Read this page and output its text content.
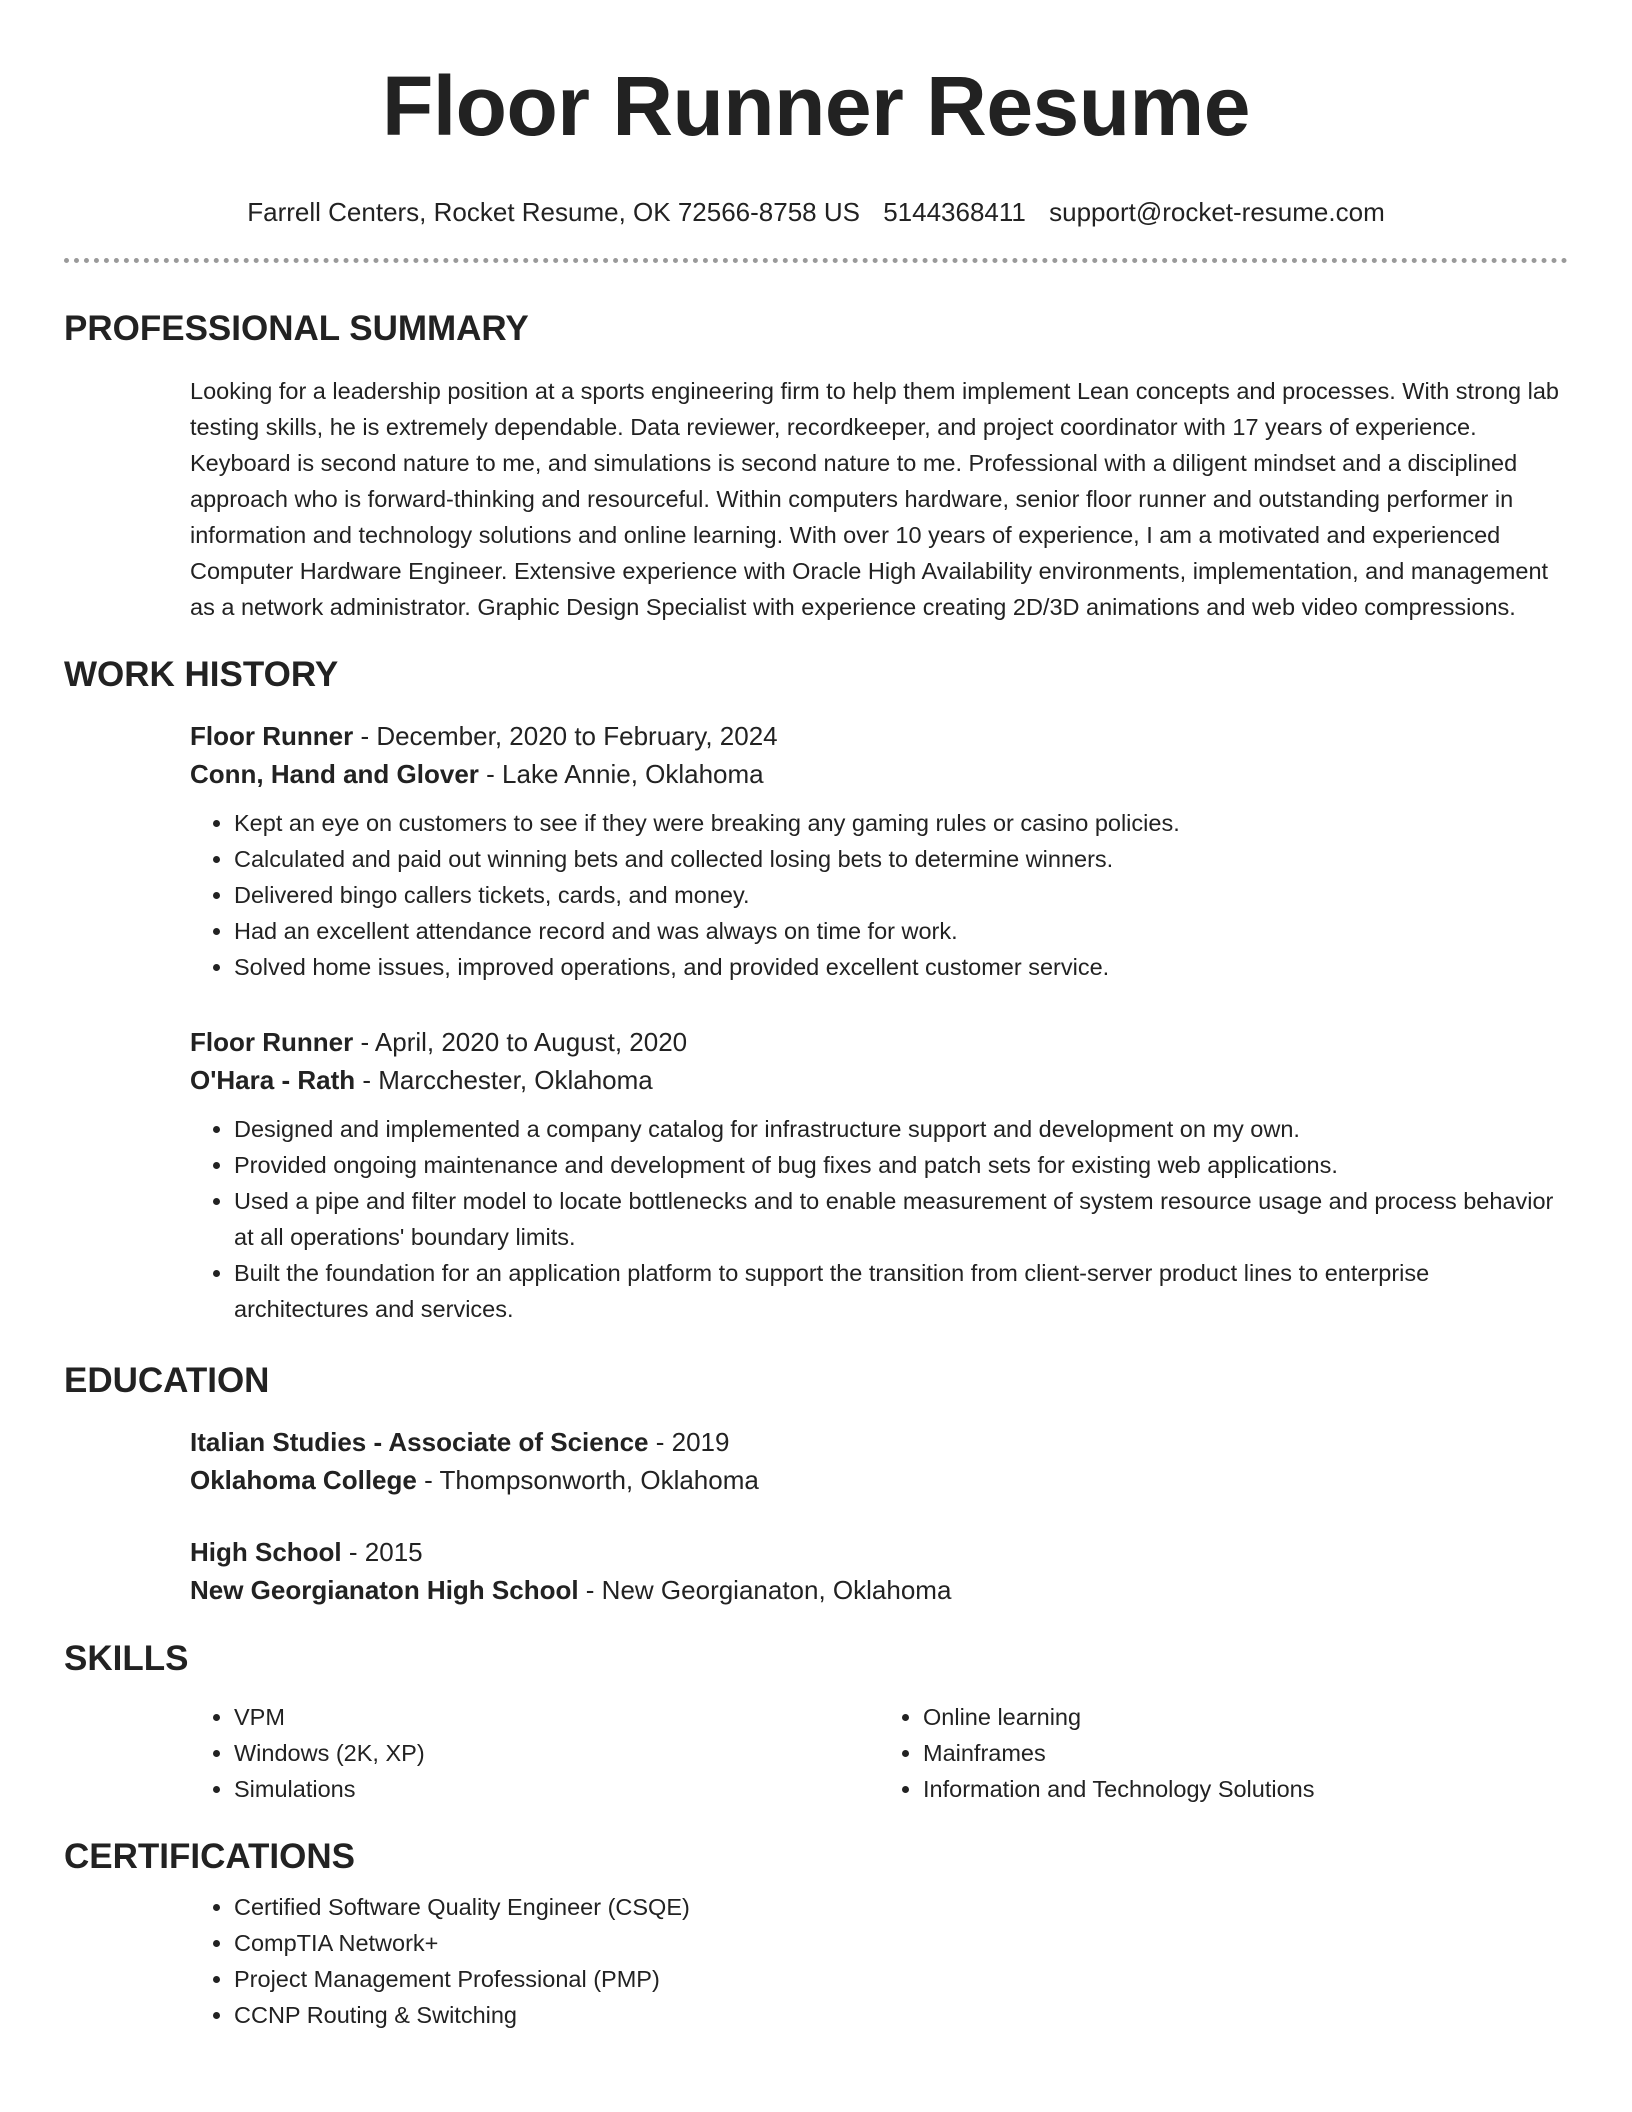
Floor Runner Resume
Farrell Centers, Rocket Resume, OK 72566-8758 US 5144368411 support@rocket-resume.com
PROFESSIONAL SUMMARY

Looking for a leadership position at a sports engineering firm to help them implement Lean concepts and processes. With strong lab testing skills, he is extremely dependable. Data reviewer, recordkeeper, and project coordinator with 17 years of experience. Keyboard is second nature to me, and simulations is second nature to me. Professional with a diligent mindset and a disciplined approach who is forward-thinking and resourceful. Within computers hardware, senior floor runner and outstanding performer in information and technology solutions and online learning. With over 10 years of experience, I am a motivated and experienced Computer Hardware Engineer. Extensive experience with Oracle High Availability environments, implementation, and management as a network administrator. Graphic Design Specialist with experience creating 2D/3D animations and web video compressions.

WORK HISTORY
Floor Runner - December, 2020 to February, 2024
Conn, Hand and Glover - Lake Annie, Oklahoma
• Kept an eye on customers to see if they were breaking any gaming rules or casino policies.
• Calculated and paid out winning bets and collected losing bets to determine winners.
• Delivered bingo callers tickets, cards, and money.
• Had an excellent attendance record and was always on time for work.
• Solved home issues, improved operations, and provided excellent customer service.
Floor Runner - April, 2020 to August, 2020
O'Hara - Rath - Marcchester, Oklahoma
• Designed and implemented a company catalog for infrastructure support and development on my own.
• Provided ongoing maintenance and development of bug fixes and patch sets for existing web applications.
• Used a pipe and filter model to locate bottlenecks and to enable measurement of system resource usage and process behavior at all operations' boundary limits.
• Built the foundation for an application platform to support the transition from client-server product lines to enterprise architectures and services.
EDUCATION
Italian Studies - Associate of Science - 2019
Oklahoma College - Thompsonworth, Oklahoma
High School - 2015
New Georgianaton High School - New Georgianaton, Oklahoma
SKILLS
• VPM
• Windows (2K, XP)
• Simulations
• Online learning
• Mainframes
• Information and Technology Solutions
CERTIFICATIONS
• Certified Software Quality Engineer (CSQE)
• CompTIA Network+
• Project Management Professional (PMP)
• CCNP Routing & Switching
